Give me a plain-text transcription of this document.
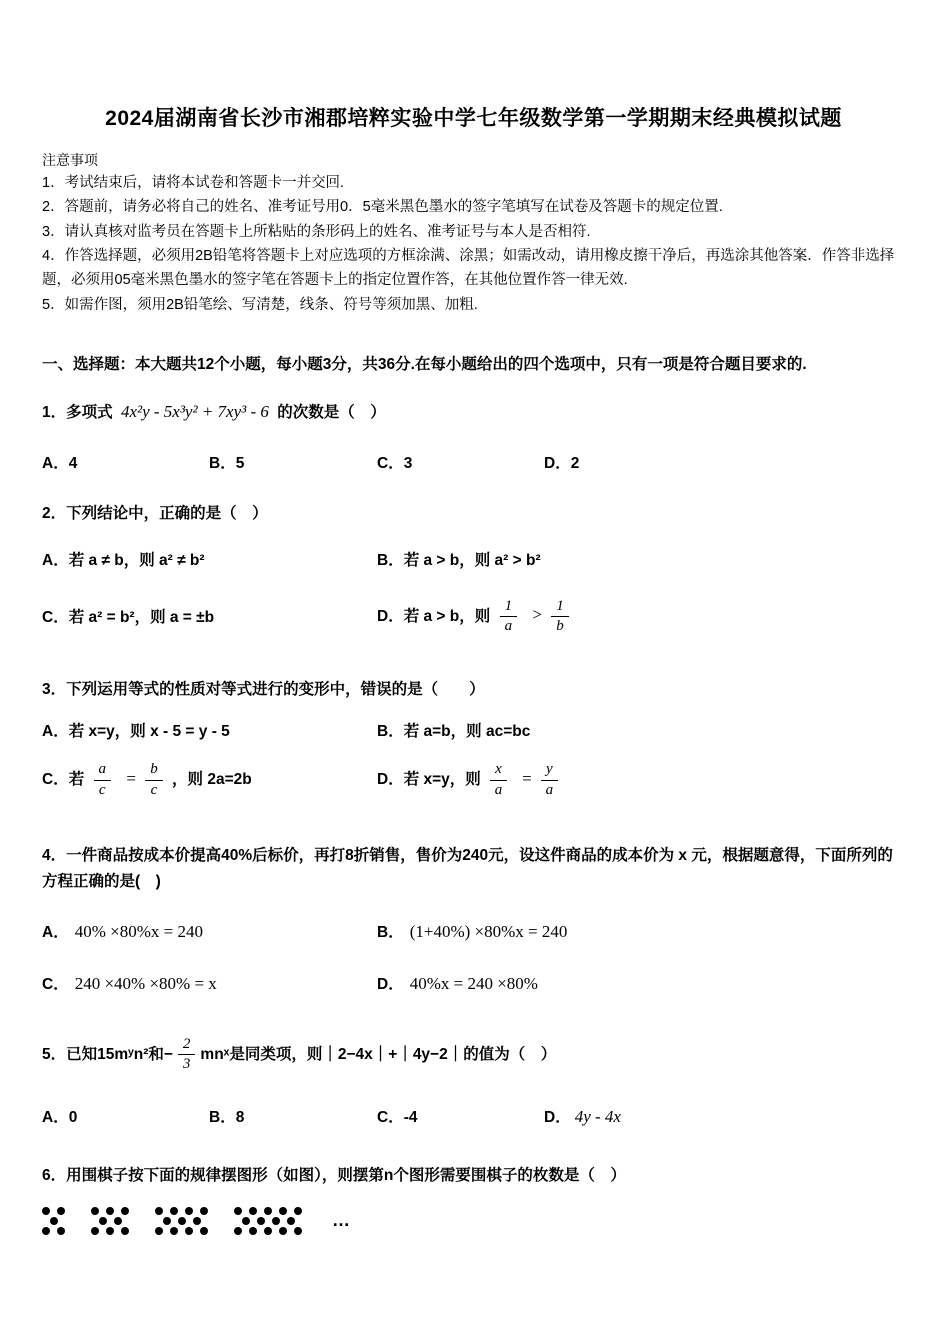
2024届湖南省长沙市湘郡培粹实验中学七年级数学第一学期期末经典模拟试题
注意事项
1．考试结束后，请将本试卷和答题卡一并交回.
2．答题前，请务必将自己的姓名、准考证号用0．5毫米黑色墨水的签字笔填写在试卷及答题卡的规定位置.
3．请认真核对监考员在答题卡上所粘贴的条形码上的姓名、准考证号与本人是否相符.
4．作答选择题，必须用2B铅笔将答题卡上对应选项的方框涂满、涂黑；如需改动，请用橡皮擦干净后，再选涂其他答案．作答非选择题，必须用05毫米黑色墨水的签字笔在答题卡上的指定位置作答，在其他位置作答一律无效.
5．如需作图，须用2B铅笔绘、写清楚，线条、符号等须加黑、加粗.
一、选择题：本大题共12个小题，每小题3分，共36分.在每小题给出的四个选项中，只有一项是符合题目要求的.
1．多项式 4x²y - 5x³y² + 7xy³ - 6 的次数是（　）
A．4	B．5	C．3	D．2
2．下列结论中，正确的是（　）
A．若 a ≠ b，则 a² ≠ b²	B．若 a > b，则 a² > b²
C．若 a² = b²，则 a = ±b	D．若 a > b，则 $\frac{1}{a} > \frac{1}{b}$
3．下列运用等式的性质对等式进行的变形中，错误的是（　　）
A．若 x=y，则 x - 5 = y - 5	B．若 a=b，则 ac=bc
C．若 $\frac{a}{c} = \frac{b}{c}$ ，则 2a=2b	D．若 x=y，则 $\frac{x}{a} = \frac{y}{a}$
4．一件商品按成本价提高40%后标价，再打8折销售，售价为240元，设这件商品的成本价为 x 元，根据题意得，下面所列的方程正确的是(　)
A． 40% ×80%x = 240	B． (1+40%) ×80%x = 240
C． 240 ×40% ×80% = x	D． 40%x = 240 ×80%
5．已知15mʸn²和− $\frac{2}{3}$ mnˣ是同类项，则｜2−4x｜+｜4y−2｜的值为（　）
A．0	B．8	C．-4	D． 4y - 4x
6．用围棋子按下面的规律摆图形（如图），则摆第n个图形需要围棋子的枚数是（　）
…
